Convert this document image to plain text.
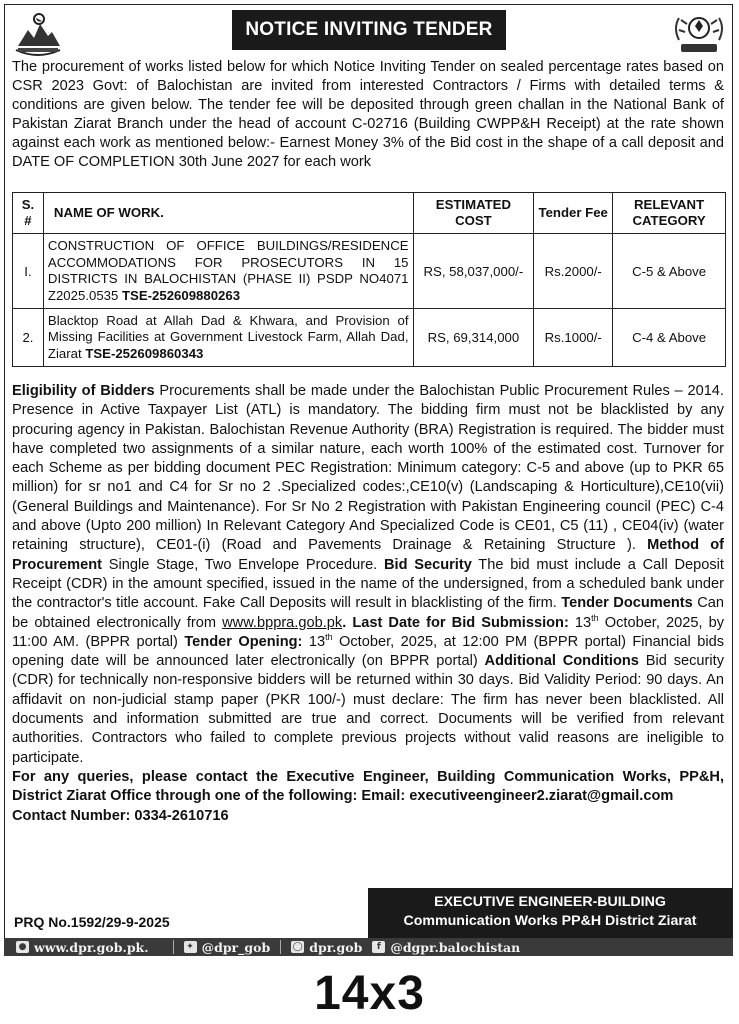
NOTICE INVITING TENDER
The procurement of works listed below for which Notice Inviting Tender on sealed percentage rates based on CSR 2023 Govt: of Balochistan are invited from interested Contractors / Firms with detailed terms & conditions are given below. The tender fee will be deposited through green challan in the National Bank of Pakistan Ziarat Branch under the head of account C-02716 (Building CWPP&H Receipt) at the rate shown against each work as mentioned below:- Earnest Money 3% of the Bid cost in the shape of a call deposit and DATE OF COMPLETION 30th June 2027 for each work
S. #	NAME OF WORK.	ESTIMATED COST	Tender Fee	RELEVANT CATEGORY
I.	CONSTRUCTION OF OFFICE BUILDINGS/RESIDENCE ACCOMMODATIONS FOR PROSECUTORS IN 15 DISTRICTS IN BALOCHISTAN (PHASE II) PSDP NO4071 Z2025.0535 TSE-252609880263	RS, 58,037,000/-	Rs.2000/-	C-5 & Above
2.	Blacktop Road at Allah Dad & Khwara, and Provision of Missing Facilities at Government Livestock Farm, Allah Dad, Ziarat TSE-252609860343	RS, 69,314,000	Rs.1000/-	C-4 & Above
Eligibility of Bidders Procurements shall be made under the Balochistan Public Procurement Rules – 2014. Presence in Active Taxpayer List (ATL) is mandatory. The bidding firm must not be blacklisted by any procuring agency in Pakistan. Balochistan Revenue Authority (BRA) Registration is required. The bidder must have completed two assignments of a similar nature, each worth 100% of the estimated cost. Turnover for each Scheme as per bidding document PEC Registration: Minimum category: C-5 and above (up to PKR 65 million) for sr no1 and C4 for Sr no 2 .Specialized codes:,CE10(v) (Landscaping & Horticulture),CE10(vii) (General Buildings and Maintenance). For Sr No 2 Registration with Pakistan Engineering council (PEC) C-4 and above (Upto 200 million) In Relevant Category And Specialized Code is CE01, C5 (11) , CE04(iv) (water retaining structure), CE01-(i) (Road and Pavements Drainage & Retaining Structure ). Method of Procurement Single Stage, Two Envelope Procedure. Bid Security The bid must include a Call Deposit Receipt (CDR) in the amount specified, issued in the name of the undersigned, from a scheduled bank under the contractor's title account. Fake Call Deposits will result in blacklisting of the firm. Tender Documents Can be obtained electronically from www.bppra.gob.pk. Last Date for Bid Submission: 13th October, 2025, by 11:00 AM. (BPPR portal) Tender Opening: 13th October, 2025, at 12:00 PM (BPPR portal) Financial bids opening date will be announced later electronically (on BPPR portal) Additional Conditions Bid security (CDR) for technically non-responsive bidders will be returned within 30 days. Bid Validity Period: 90 days. An affidavit on non-judicial stamp paper (PKR 100/-) must declare: The firm has never been blacklisted. All documents and information submitted are true and correct. Documents will be verified from relevant authorities. Contractors who failed to complete previous projects without valid reasons are ineligible to participate.
For any queries, please contact the Executive Engineer, Building Communication Works, PP&H, District Ziarat Office through one of the following: Email: executiveengineer2.ziarat@gmail.com
Contact Number: 0334-2610716
PRQ No.1592/29-9-2025
EXECUTIVE ENGINEER-BUILDING
Communication Works PP&H District Ziarat
● www.dpr.gob.pk.	✦ @dpr_gob ◯ dpr.gob	f @dgpr.balochistan
14x3
